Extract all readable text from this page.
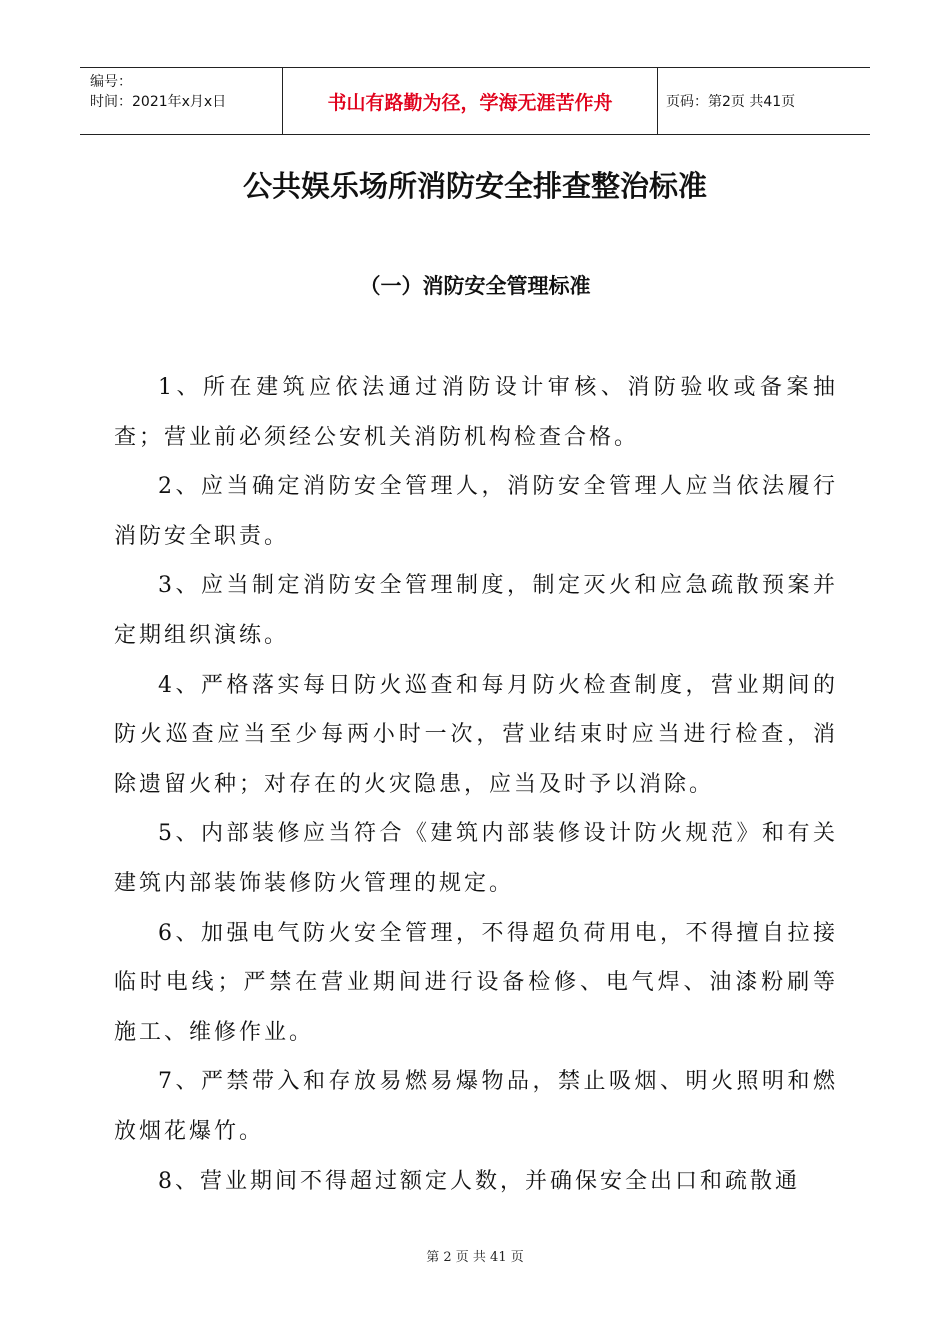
编号：
时间：2021年x月x日	书山有路勤为径，学海无涯苦作舟	页码：第2页 共41页
公共娱乐场所消防安全排查整治标准
（一）消防安全管理标准

1、所在建筑应依法通过消防设计审核、消防验收或备案抽查；营业前必须经公安机关消防机构检查合格。

2、应当确定消防安全管理人，消防安全管理人应当依法履行消防安全职责。

3、应当制定消防安全管理制度，制定灭火和应急疏散预案并定期组织演练。

4、严格落实每日防火巡查和每月防火检查制度，营业期间的防火巡查应当至少每两小时一次，营业结束时应当进行检查，消除遗留火种；对存在的火灾隐患，应当及时予以消除。

5、内部装修应当符合《建筑内部装修设计防火规范》和有关建筑内部装饰装修防火管理的规定。

6、加强电气防火安全管理，不得超负荷用电，不得擅自拉接临时电线；严禁在营业期间进行设备检修、电气焊、油漆粉刷等施工、维修作业。

7、严禁带入和存放易燃易爆物品，禁止吸烟、明火照明和燃放烟花爆竹。

8、营业期间不得超过额定人数，并确保安全出口和疏散通

第 2 页 共 41 页
